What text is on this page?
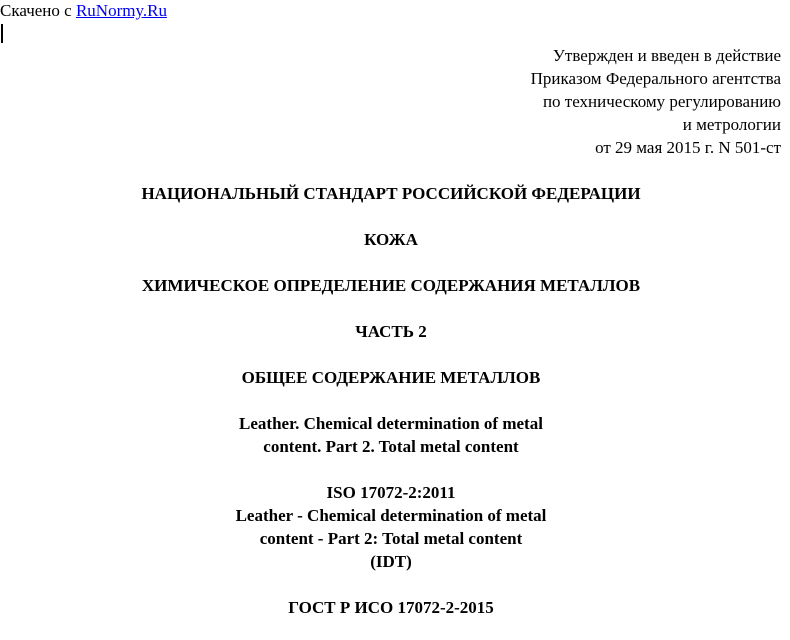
Скачено с RuNormy.Ru
Утвержден и введен в действие
Приказом Федерального агентства
по техническому регулированию
и метрологии
от 29 мая 2015 г. N 501-ст
НАЦИОНАЛЬНЫЙ СТАНДАРТ РОССИЙСКОЙ ФЕДЕРАЦИИ
КОЖА
ХИМИЧЕСКОЕ ОПРЕДЕЛЕНИЕ СОДЕРЖАНИЯ МЕТАЛЛОВ
ЧАСТЬ 2
ОБЩЕЕ СОДЕРЖАНИЕ МЕТАЛЛОВ
Leather. Chemical determination of metal
content. Part 2. Total metal content
ISO 17072-2:2011
Leather - Chemical determination of metal
content - Part 2: Total metal content
(IDT)
ГОСТ Р ИСО 17072-2-2015
